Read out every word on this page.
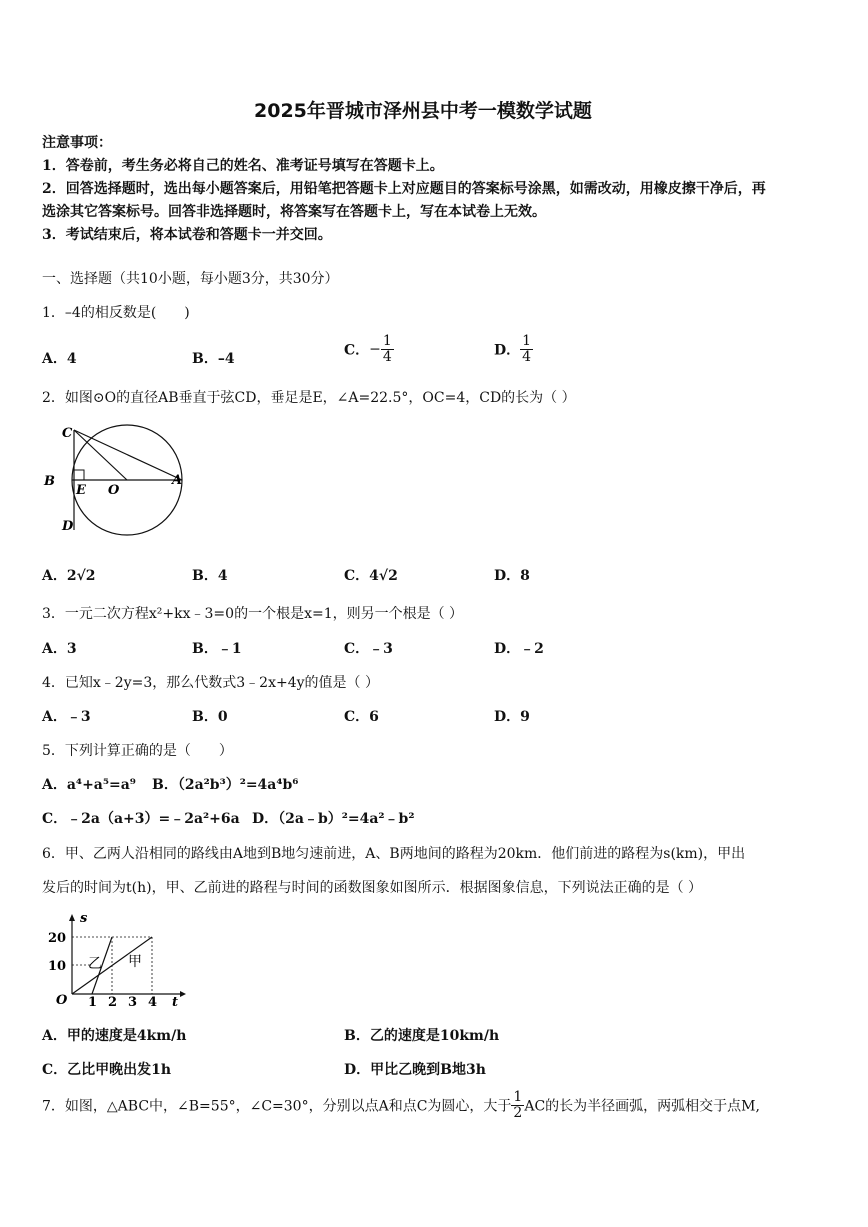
2025年晋城市泽州县中考一模数学试题
注意事项：
1．答卷前，考生务必将自己的姓名、准考证号填写在答题卡上。
2．回答选择题时，选出每小题答案后，用铅笔把答题卡上对应题目的答案标号涂黑，如需改动，用橡皮擦干净后，再
选涂其它答案标号。回答非选择题时，将答案写在答题卡上，写在本试卷上无效。
3．考试结束后，将本试卷和答题卡一并交回。
一、选择题（共10小题，每小题3分，共30分）
1．–4的相反数是(　　)
A．4	B．–4
C．− $\frac{1}{4}$	D． $\frac{1}{4}$
2．如图⊙O的直径AB垂直于弦CD，垂足是E，∠A=22.5°，OC=4，CD的长为（ ）
C
B
E O
A
D
A．2√2	B．4	C．4√2	D．8
3．一元二次方程x²+kx﹣3=0的一个根是x=1，则另一个根是（ ）
A．3	B．﹣1	C．﹣3	D．﹣2
4．已知x﹣2y=3，那么代数式3﹣2x+4y的值是（ ）
A．﹣3	B．0	C．6	D．9
5．下列计算正确的是（　　）
A．a⁴+a⁵=a⁹ B．（2a²b³）²=4a⁴b⁶
C．﹣2a（a+3）=﹣2a²+6a D．（2a﹣b）²=4a²﹣b²
6．甲、乙两人沿相同的路线由A地到B地匀速前进，A、B两地间的路程为20km．他们前进的路程为s(km)，甲出
发后的时间为t(h)，甲、乙前进的路程与时间的函数图象如图所示．根据图象信息，下列说法正确的是（ ）
s
t
O
20
10
1 2 3 4
乙 甲
A．甲的速度是4km/h	B．乙的速度是10km/h
C．乙比甲晚出发1h	D．甲比乙晚到B地3h
7．如图，△ABC中，∠B=55°，∠C=30°，分别以点A和点C为圆心，大于 $\frac{1}{2}$ AC的长为半径画弧，两弧相交于点M,
